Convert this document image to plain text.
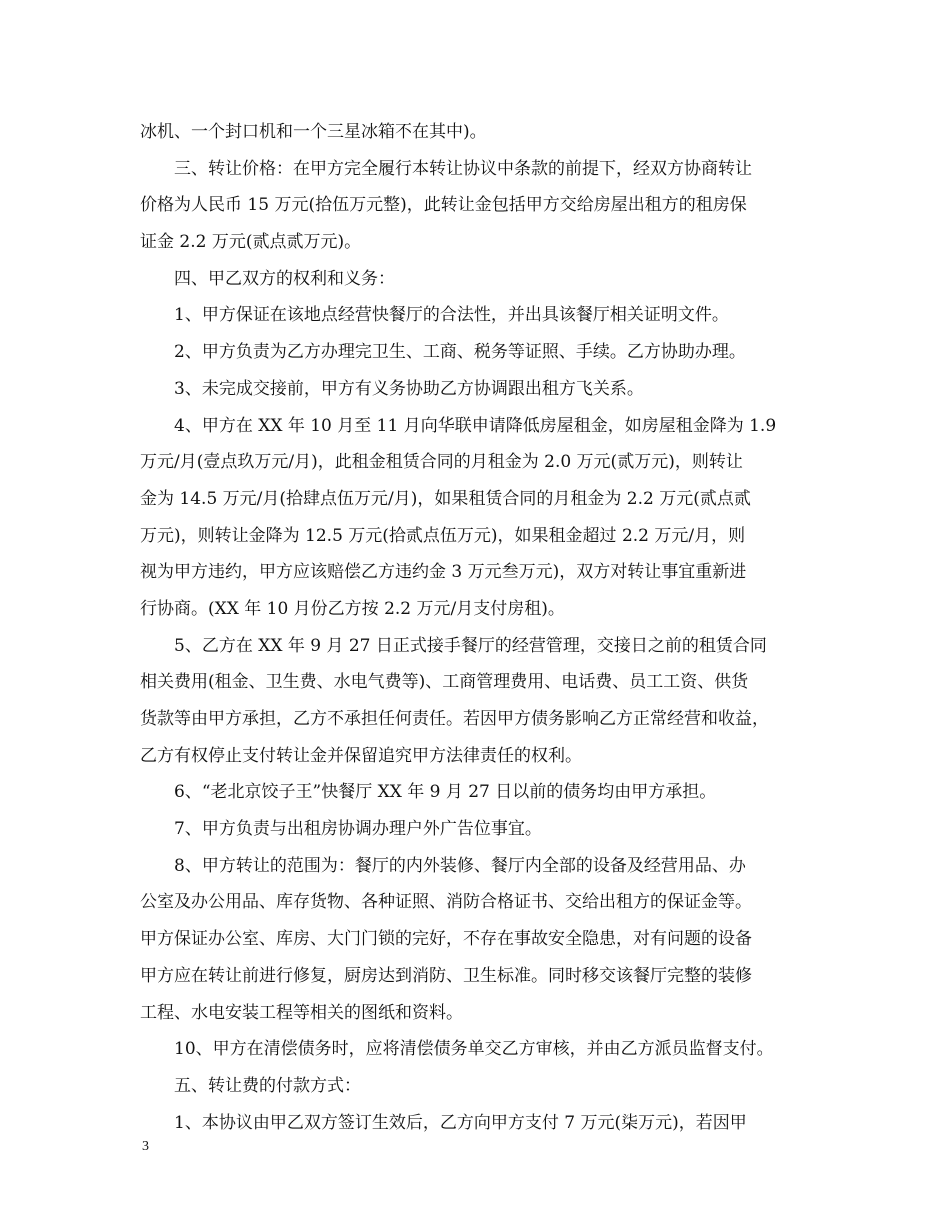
冰机、一个封口机和一个三星冰箱不在其中)。
三、转让价格：在甲方完全履行本转让协议中条款的前提下，经双方协商转让
价格为人民币 15 万元(拾伍万元整)，此转让金包括甲方交给房屋出租方的租房保
证金 2.2 万元(贰点贰万元)。
四、甲乙双方的权利和义务：
1、甲方保证在该地点经营快餐厅的合法性，并出具该餐厅相关证明文件。
2、甲方负责为乙方办理完卫生、工商、税务等证照、手续。乙方协助办理。
3、未完成交接前，甲方有义务协助乙方协调跟出租方飞关系。
4、甲方在 XX 年 10 月至 11 月向华联申请降低房屋租金，如房屋租金降为 1.9
万元/月(壹点玖万元/月)，此租金租赁合同的月租金为 2.0 万元(贰万元)，则转让
金为 14.5 万元/月(拾肆点伍万元/月)，如果租赁合同的月租金为 2.2 万元(贰点贰
万元)，则转让金降为 12.5 万元(拾贰点伍万元)，如果租金超过 2.2 万元/月，则
视为甲方违约，甲方应该赔偿乙方违约金 3 万元叁万元)，双方对转让事宜重新进
行协商。(XX 年 10 月份乙方按 2.2 万元/月支付房租)。
5、乙方在 XX 年 9 月 27 日正式接手餐厅的经营管理，交接日之前的租赁合同
相关费用(租金、卫生费、水电气费等)、工商管理费用、电话费、员工工资、供货
货款等由甲方承担，乙方不承担任何责任。若因甲方债务影响乙方正常经营和收益，
乙方有权停止支付转让金并保留追究甲方法律责任的权利。
6、“老北京饺子王”快餐厅 XX 年 9 月 27 日以前的债务均由甲方承担。
7、甲方负责与出租房协调办理户外广告位事宜。
8、甲方转让的范围为：餐厅的内外装修、餐厅内全部的设备及经营用品、办
公室及办公用品、库存货物、各种证照、消防合格证书、交给出租方的保证金等。
甲方保证办公室、库房、大门门锁的完好，不存在事故安全隐患，对有问题的设备
甲方应在转让前进行修复，厨房达到消防、卫生标准。同时移交该餐厅完整的装修
工程、水电安装工程等相关的图纸和资料。
10、甲方在清偿债务时，应将清偿债务单交乙方审核，并由乙方派员监督支付。
五、转让费的付款方式：
1、本协议由甲乙双方签订生效后，乙方向甲方支付 7 万元(柒万元)，若因甲
3
